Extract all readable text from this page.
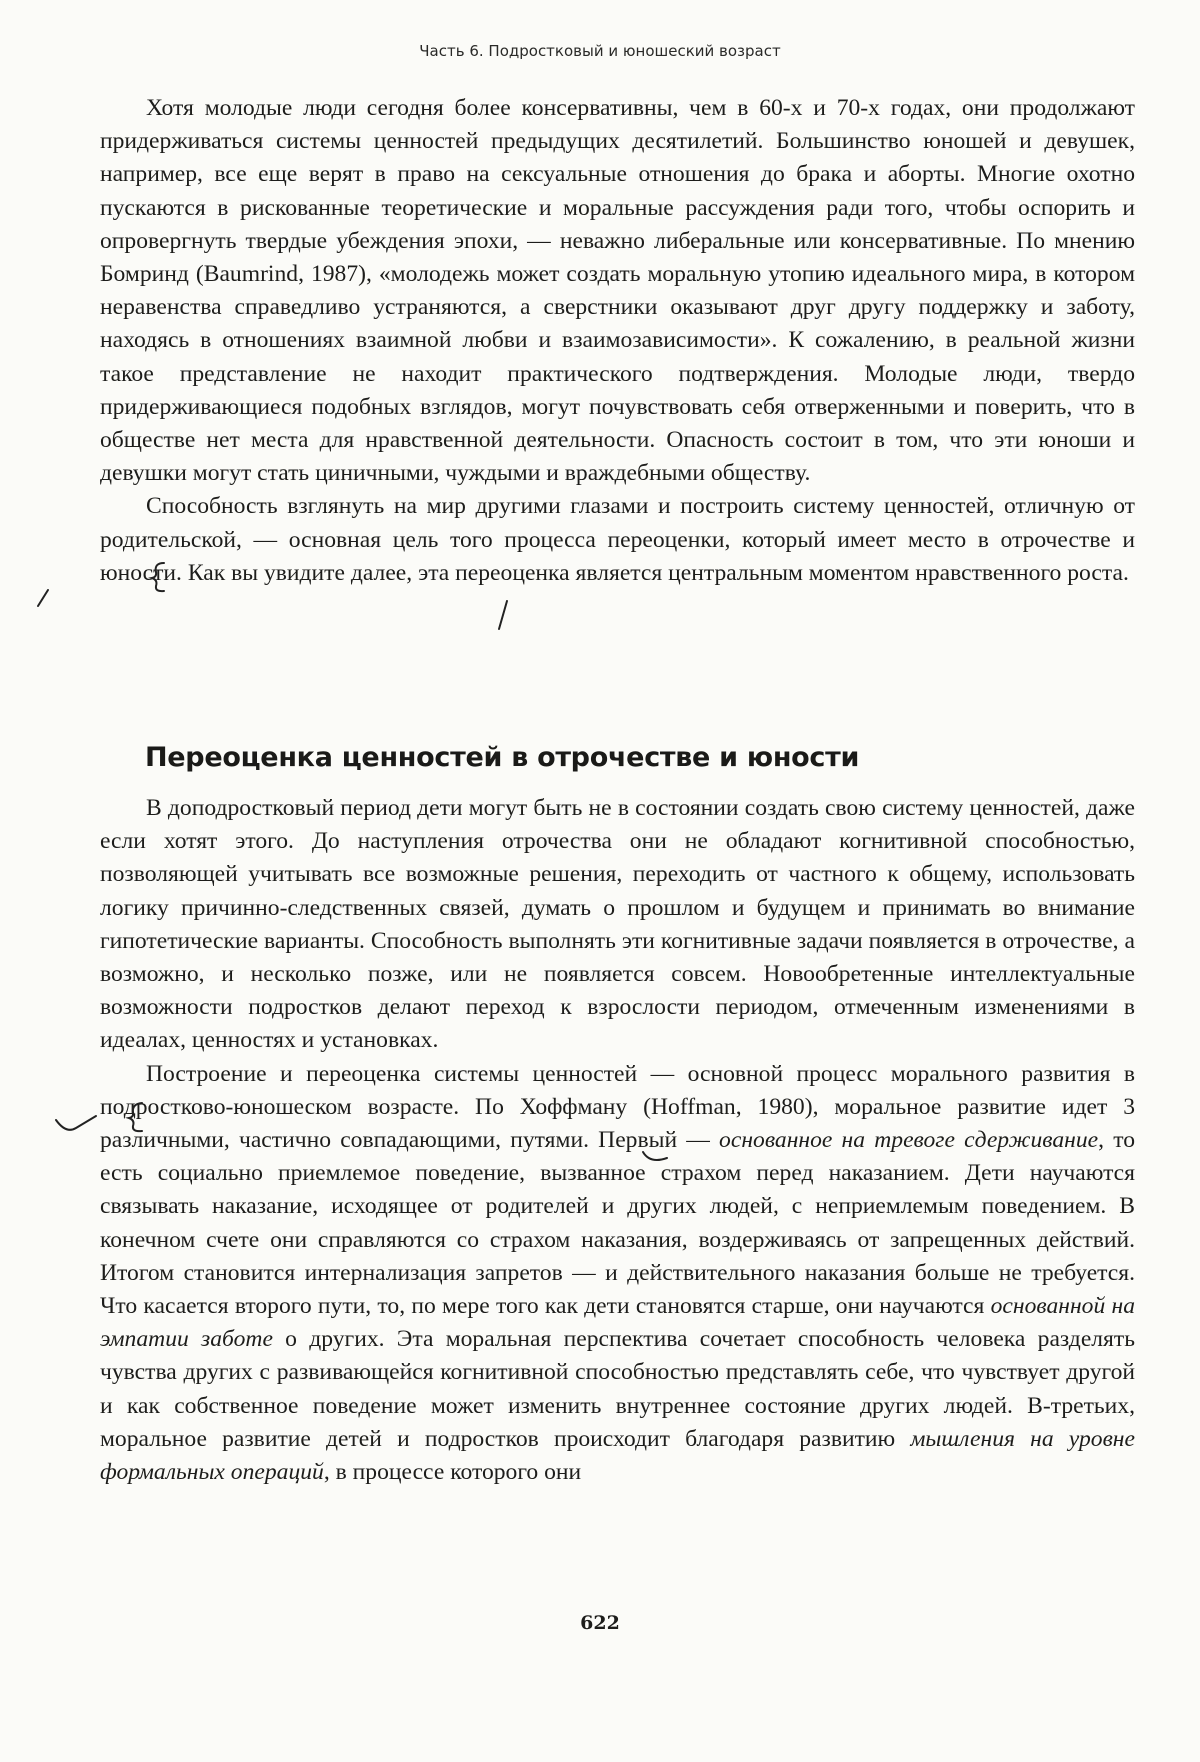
Часть 6. Подростковый и юношеский возраст

Хотя молодые люди сегодня более консервативны, чем в 60-х и 70-х годах, они продолжают придерживаться системы ценностей предыдущих десятилетий. Большинство юношей и девушек, например, все еще верят в право на сексуальные отношения до брака и аборты. Многие охотно пускаются в рискованные теоретические и моральные рассуждения ради того, чтобы оспорить и опровергнуть твердые убеждения эпохи, — неважно либеральные или консервативные. По мнению Бомринд (Baumrind, 1987), «молодежь может создать моральную утопию идеального мира, в котором неравенства справедливо устраняются, а сверстники оказывают друг другу поддержку и заботу, находясь в отношениях взаимной любви и взаимозависимости». К сожалению, в реальной жизни такое представление не находит практического подтверждения. Молодые люди, твердо придерживающиеся подобных взглядов, могут почувствовать себя отверженными и поверить, что в обществе нет места для нравственной деятельности. Опасность состоит в том, что эти юноши и девушки могут стать циничными, чуждыми и враждебными обществу.

Способность взглянуть на мир другими глазами и построить систему ценностей, отличную от родительской, — основная цель того процесса переоценки, который имеет место в отрочестве и юности. Как вы увидите далее, эта переоценка является центральным моментом нравственного роста.

Переоценка ценностей в отрочестве и юности

В доподростковый период дети могут быть не в состоянии создать свою систему ценностей, даже если хотят этого. До наступления отрочества они не обладают когнитивной способностью, позволяющей учитывать все возможные решения, переходить от частного к общему, использовать логику причинно-следственных связей, думать о прошлом и будущем и принимать во внимание гипотетические варианты. Способность выполнять эти когнитивные задачи появляется в отрочестве, а возможно, и несколько позже, или не появляется совсем. Новообретенные интеллектуальные возможности подростков делают переход к взрослости периодом, отмеченным изменениями в идеалах, ценностях и установках.

Построение и переоценка системы ценностей — основной процесс морального развития в подростково-юношеском возрасте. По Хоффману (Hoffman, 1980), моральное развитие идет 3 различными, частично совпадающими, путями. Первый — основанное на тревоге сдерживание, то есть социально приемлемое поведение, вызванное страхом перед наказанием. Дети научаются связывать наказание, исходящее от родителей и других людей, с неприемлемым поведением. В конечном счете они справляются со страхом наказания, воздерживаясь от запрещенных действий. Итогом становится интернализация запретов — и действительного наказания больше не требуется. Что касается второго пути, то, по мере того как дети становятся старше, они научаются основанной на эмпатии заботе о других. Эта моральная перспектива сочетает способность человека разделять чувства других с развивающейся когнитивной способностью представлять себе, что чувствует другой и как собственное поведение может изменить внутреннее состояние других людей. В-третьих, моральное развитие детей и подростков происходит благодаря развитию мышления на уровне формальных операций, в процессе которого они

622
